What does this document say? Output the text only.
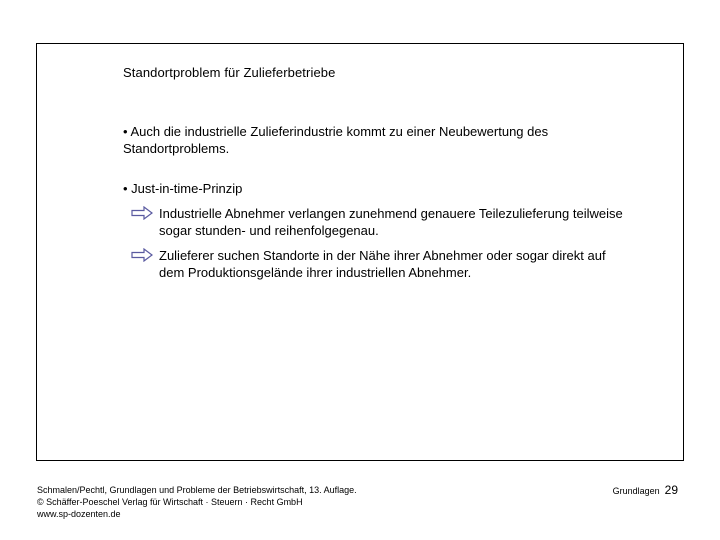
Standortproblem für Zulieferbetriebe

• Auch die industrielle Zulieferindustrie kommt zu einer Neubewertung des Standortproblems.

• Just-in-time-Prinzip

Industrielle Abnehmer verlangen zunehmend genauere Teilezulieferung teilweise sogar stunden- und reihenfolgegenau.
Zulieferer suchen Standorte in der Nähe ihrer Abnehmer oder sogar direkt auf dem Produktionsgelände ihrer industriellen Abnehmer.
Schmalen/Pechtl, Grundlagen und Probleme der Betriebswirtschaft, 13. Auflage.
© Schäffer-Poeschel Verlag für Wirtschaft · Steuern · Recht GmbH
www.sp-dozenten.de
Grundlagen 29
